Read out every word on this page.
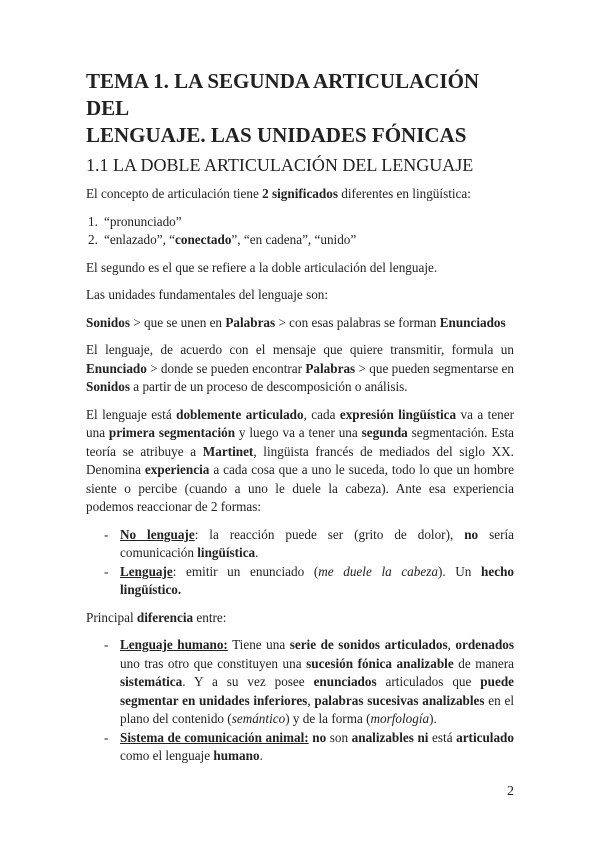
TEMA 1. LA SEGUNDA ARTICULACIÓN DEL
LENGUAJE. LAS UNIDADES FÓNICAS
1.1 LA DOBLE ARTICULACIÓN DEL LENGUAJE

El concepto de articulación tiene 2 significados diferentes en lingüística:

1. “pronunciado”
2. “enlazado”, “conectado”, “en cadena”, “unido”

El segundo es el que se refiere a la doble articulación del lenguaje.

Las unidades fundamentales del lenguaje son:

Sonidos > que se unen en Palabras > con esas palabras se forman Enunciados

El lenguaje, de acuerdo con el mensaje que quiere transmitir, formula un Enunciado > donde se pueden encontrar Palabras > que pueden segmentarse en Sonidos a partir de un proceso de descomposición o análisis.

El lenguaje está doblemente articulado, cada expresión lingüística va a tener una primera segmentación y luego va a tener una segunda segmentación. Esta teoría se atribuye a Martinet, lingüista francés de mediados del siglo XX. Denomina experiencia a cada cosa que a uno le suceda, todo lo que un hombre siente o percibe (cuando a uno le duele la cabeza). Ante esa experiencia podemos reaccionar de 2 formas:

- No lenguaje: la reacción puede ser (grito de dolor), no sería comunicación lingüística.
- Lenguaje: emitir un enunciado (me duele la cabeza). Un hecho lingüístico.

Principal diferencia entre:

- Lenguaje humano: Tiene una serie de sonidos articulados, ordenados uno tras otro que constituyen una sucesión fónica analizable de manera sistemática. Y a su vez posee enunciados articulados que puede segmentar en unidades inferiores, palabras sucesivas analizables en el plano del contenido (semántico) y de la forma (morfología).
- Sistema de comunicación animal: no son analizables ni está articulado como el lenguaje humano.
2
